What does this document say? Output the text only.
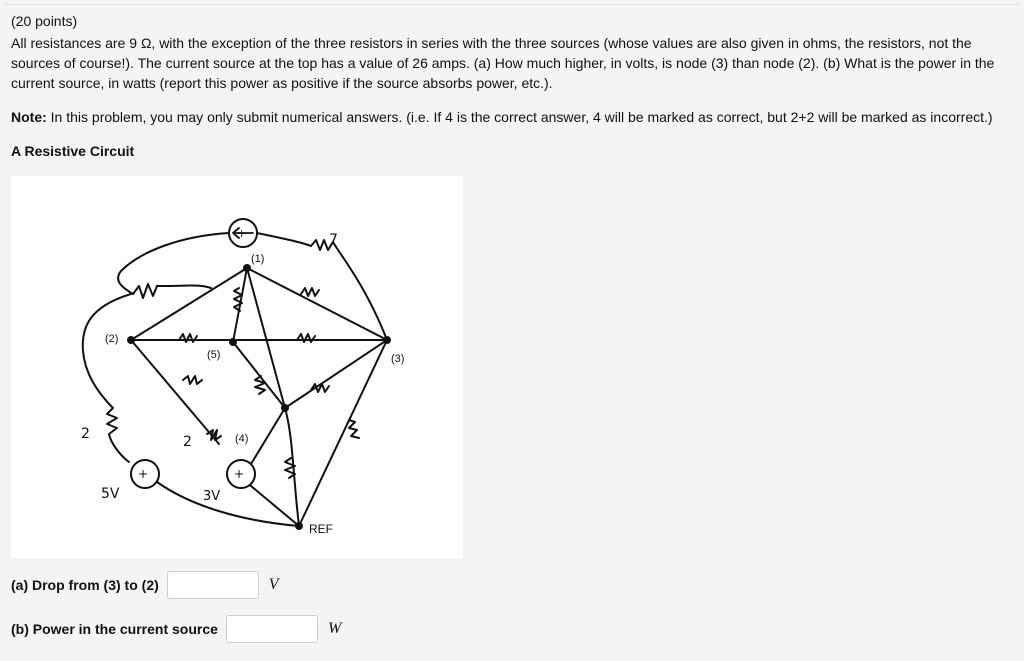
(20 points)
All resistances are 9 Ω, with the exception of the three resistors in series with the three sources (whose values are also given in ohms, the resistors, not the
sources of course!). The current source at the top has a value of 26 amps. (a) How much higher, in volts, is node (3) than node (2). (b) What is the power in the
current source, in watts (report this power as positive if the source absorbs power, etc.).
Note: In this problem, you may only submit numerical answers. (i.e. If 4 is the correct answer, 4 will be marked as correct, but 2+2 will be marked as incorrect.)
A Resistive Circuit
+	7
2
+
5V
2
+
3V
(1)
(2)
(3)
(4)
(5)
REF
(a) Drop from (3) to (2)	V
(b) Power in the current source	W
